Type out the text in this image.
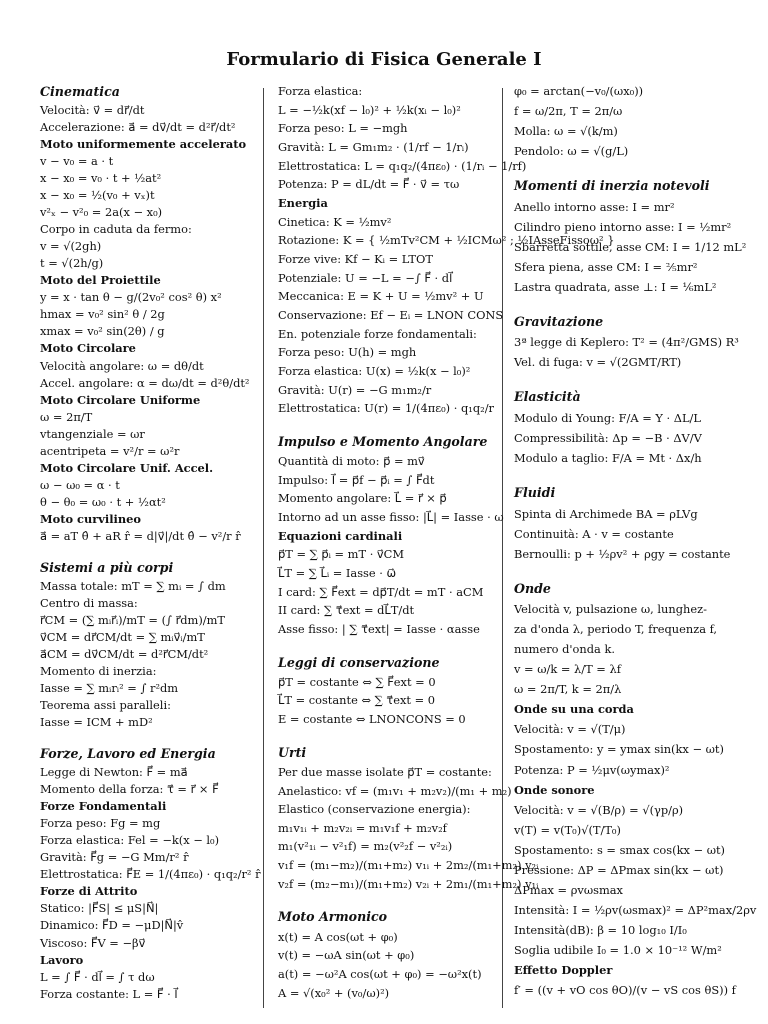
Formulario di Fisica Generale I
Cinematica
Velocità: v⃗ = dr⃗/dt
Accelerazione: a⃗ = dv⃗/dt = d²r⃗/dt²
Moto uniformemente accelerato
v − v₀ = a · t
x − x₀ = v₀ · t + ½at²
x − x₀ = ½(v₀ + vₓ)t
v²ₓ − v²₀ = 2a(x − x₀)
Corpo in caduta da fermo:
v = √(2gh)
t = √(2h/g)
Moto del Proiettile
y = x · tan θ − g/(2v₀² cos² θ) x²
hmax = v₀² sin² θ / 2g
xmax = v₀² sin(2θ) / g
Moto Circolare
Velocità angolare: ω = dθ/dt
Accel. angolare: α = dω/dt = d²θ/dt²
Moto Circolare Uniforme
ω = 2π/T
vtangenziale = ωr
acentripeta = v²/r = ω²r
Moto Circolare Unif. Accel.
ω − ω₀ = α · t
θ − θ₀ = ω₀ · t + ½αt²
Moto curvilineo
a⃗ = aT θ̂ + aR r̂ = d|v⃗|/dt θ̂ − v²/r r̂
Sistemi a più corpi
Massa totale: mT = ∑ mᵢ = ∫ dm
Centro di massa:
r⃗CM = (∑ mᵢr⃗ᵢ)/mT = (∫ r⃗dm)/mT
v⃗CM = dr⃗CM/dt = ∑ mᵢv⃗ᵢ/mT
a⃗CM = dv⃗CM/dt = d²r⃗CM/dt²
Momento di inerzia:
Iasse = ∑ mᵢrᵢ² = ∫ r²dm
Teorema assi paralleli:
Iasse = ICM + mD²
Forze, Lavoro ed Energia
Legge di Newton: F⃗ = ma⃗
Momento della forza: τ⃗ = r⃗ × F⃗
Forze Fondamentali
Forza peso: Fg = mg
Forza elastica: Fel = −k(x − l₀)
Gravità: F⃗g = −G Mm/r² r̂
Elettrostatica: F⃗E = 1/(4πε₀) · q₁q₂/r² r̂
Forze di Attrito
Statico: |F⃗S| ≤ μS|N⃗|
Dinamico: F⃗D = −μD|N⃗|v̂
Viscoso: F⃗V = −βv⃗
Lavoro
L = ∫ F⃗ · dl⃗ = ∫ τ dω
Forza costante: L = F⃗ · l⃗
Forza elastica:
L = −½k(xf − l₀)² + ½k(xᵢ − l₀)²
Forza peso: L = −mgh
Gravità: L = Gm₁m₂ · (1/rf − 1/rᵢ)
Elettrostatica: L = q₁q₂/(4πε₀) · (1/rᵢ − 1/rf)
Potenza: P = dL/dt = F⃗ · v⃗ = τω
Energia
Cinetica: K = ½mv²
Rotazione: K = { ½mTv²CM + ½ICMω² ; ½IAsseFissoω² }
Forze vive: Kf − Kᵢ = LTOT
Potenziale: U = −L = −∫ F⃗ · dl⃗
Meccanica: E = K + U = ½mv² + U
Conservazione: Ef − Eᵢ = LNON CONS
En. potenziale forze fondamentali:
Forza peso: U(h) = mgh
Forza elastica: U(x) = ½k(x − l₀)²
Gravità: U(r) = −G m₁m₂/r
Elettrostatica: U(r) = 1/(4πε₀) · q₁q₂/r
Impulso e Momento Angolare
Quantità di moto: p⃗ = mv⃗
Impulso: I⃗ = p⃗f − p⃗ᵢ = ∫ F⃗dt
Momento angolare: L⃗ = r⃗ × p⃗
Intorno ad un asse fisso: |L⃗| = Iasse · ω
Equazioni cardinali
p⃗T = ∑ p⃗ᵢ = mT · v⃗CM
L⃗T = ∑ L⃗ᵢ = Iasse · ω⃗
I card: ∑ F⃗ext = dp⃗T/dt = mT · aCM
II card: ∑ τ⃗ext = dL⃗T/dt
Asse fisso: | ∑ τ⃗ext| = Iasse · αasse
Leggi di conservazione
p⃗T = costante ⇔ ∑ F⃗ext = 0
L⃗T = costante ⇔ ∑ τ⃗ext = 0
E = costante ⇔ LNONCONS = 0
Urti
Per due masse isolate p⃗T = costante:
Anelastico: vf = (m₁v₁ + m₂v₂)/(m₁ + m₂)
Elastico (conservazione energia):
m₁v₁ᵢ + m₂v₂ᵢ = m₁v₁f + m₂v₂f
m₁(v²₁ᵢ − v²₁f) = m₂(v²₂f − v²₂ᵢ)
v₁f = (m₁−m₂)/(m₁+m₂) v₁ᵢ + 2m₂/(m₁+m₂) v₂ᵢ
v₂f = (m₂−m₁)/(m₁+m₂) v₂ᵢ + 2m₁/(m₁+m₂) v₁ᵢ
Moto Armonico
x(t) = A cos(ωt + φ₀)
v(t) = −ωA sin(ωt + φ₀)
a(t) = −ω²A cos(ωt + φ₀) = −ω²x(t)
A = √(x₀² + (v₀/ω)²)
φ₀ = arctan(−v₀/(ωx₀))
f = ω/2π, T = 2π/ω
Molla: ω = √(k/m)
Pendolo: ω = √(g/L)
Momenti di inerzia notevoli
Anello intorno asse: I = mr²
Cilindro pieno intorno asse: I = ½mr²
Sbarretta sottile, asse CM: I = 1/12 mL²
Sfera piena, asse CM: I = ⅖mr²
Lastra quadrata, asse ⊥: I = ⅙mL²
Gravitazione
3ª legge di Keplero: T² = (4π²/GMS) R³
Vel. di fuga: v = √(2GMT/RT)
Elasticità
Modulo di Young: F/A = Y · ΔL/L
Compressibilità: Δp = −B · ΔV/V
Modulo a taglio: F/A = Mt · Δx/h
Fluidi
Spinta di Archimede BA = ρLVg
Continuità: A · v = costante
Bernoulli: p + ½ρv² + ρgy = costante
Onde
Velocità v, pulsazione ω, lunghez-
za d'onda λ, periodo T, frequenza f,
numero d'onda k.
v = ω/k = λ/T = λf
ω = 2π/T, k = 2π/λ
Onde su una corda
Velocità: v = √(T/μ)
Spostamento: y = ymax sin(kx − ωt)
Potenza: P = ½μv(ωymax)²
Onde sonore
Velocità: v = √(B/ρ) = √(γp/ρ)
v(T) = v(T₀)√(T/T₀)
Spostamento: s = smax cos(kx − ωt)
Pressione: ΔP = ΔPmax sin(kx − ωt)
ΔPmax = ρvωsmax
Intensità: I = ½ρv(ωsmax)² = ΔP²max/2ρv
Intensità(dB): β = 10 log₁₀ I/I₀
Soglia udibile I₀ = 1.0 × 10⁻¹² W/m²
Effetto Doppler
f′ = ((v + vO cos θO)/(v − vS cos θS)) f
